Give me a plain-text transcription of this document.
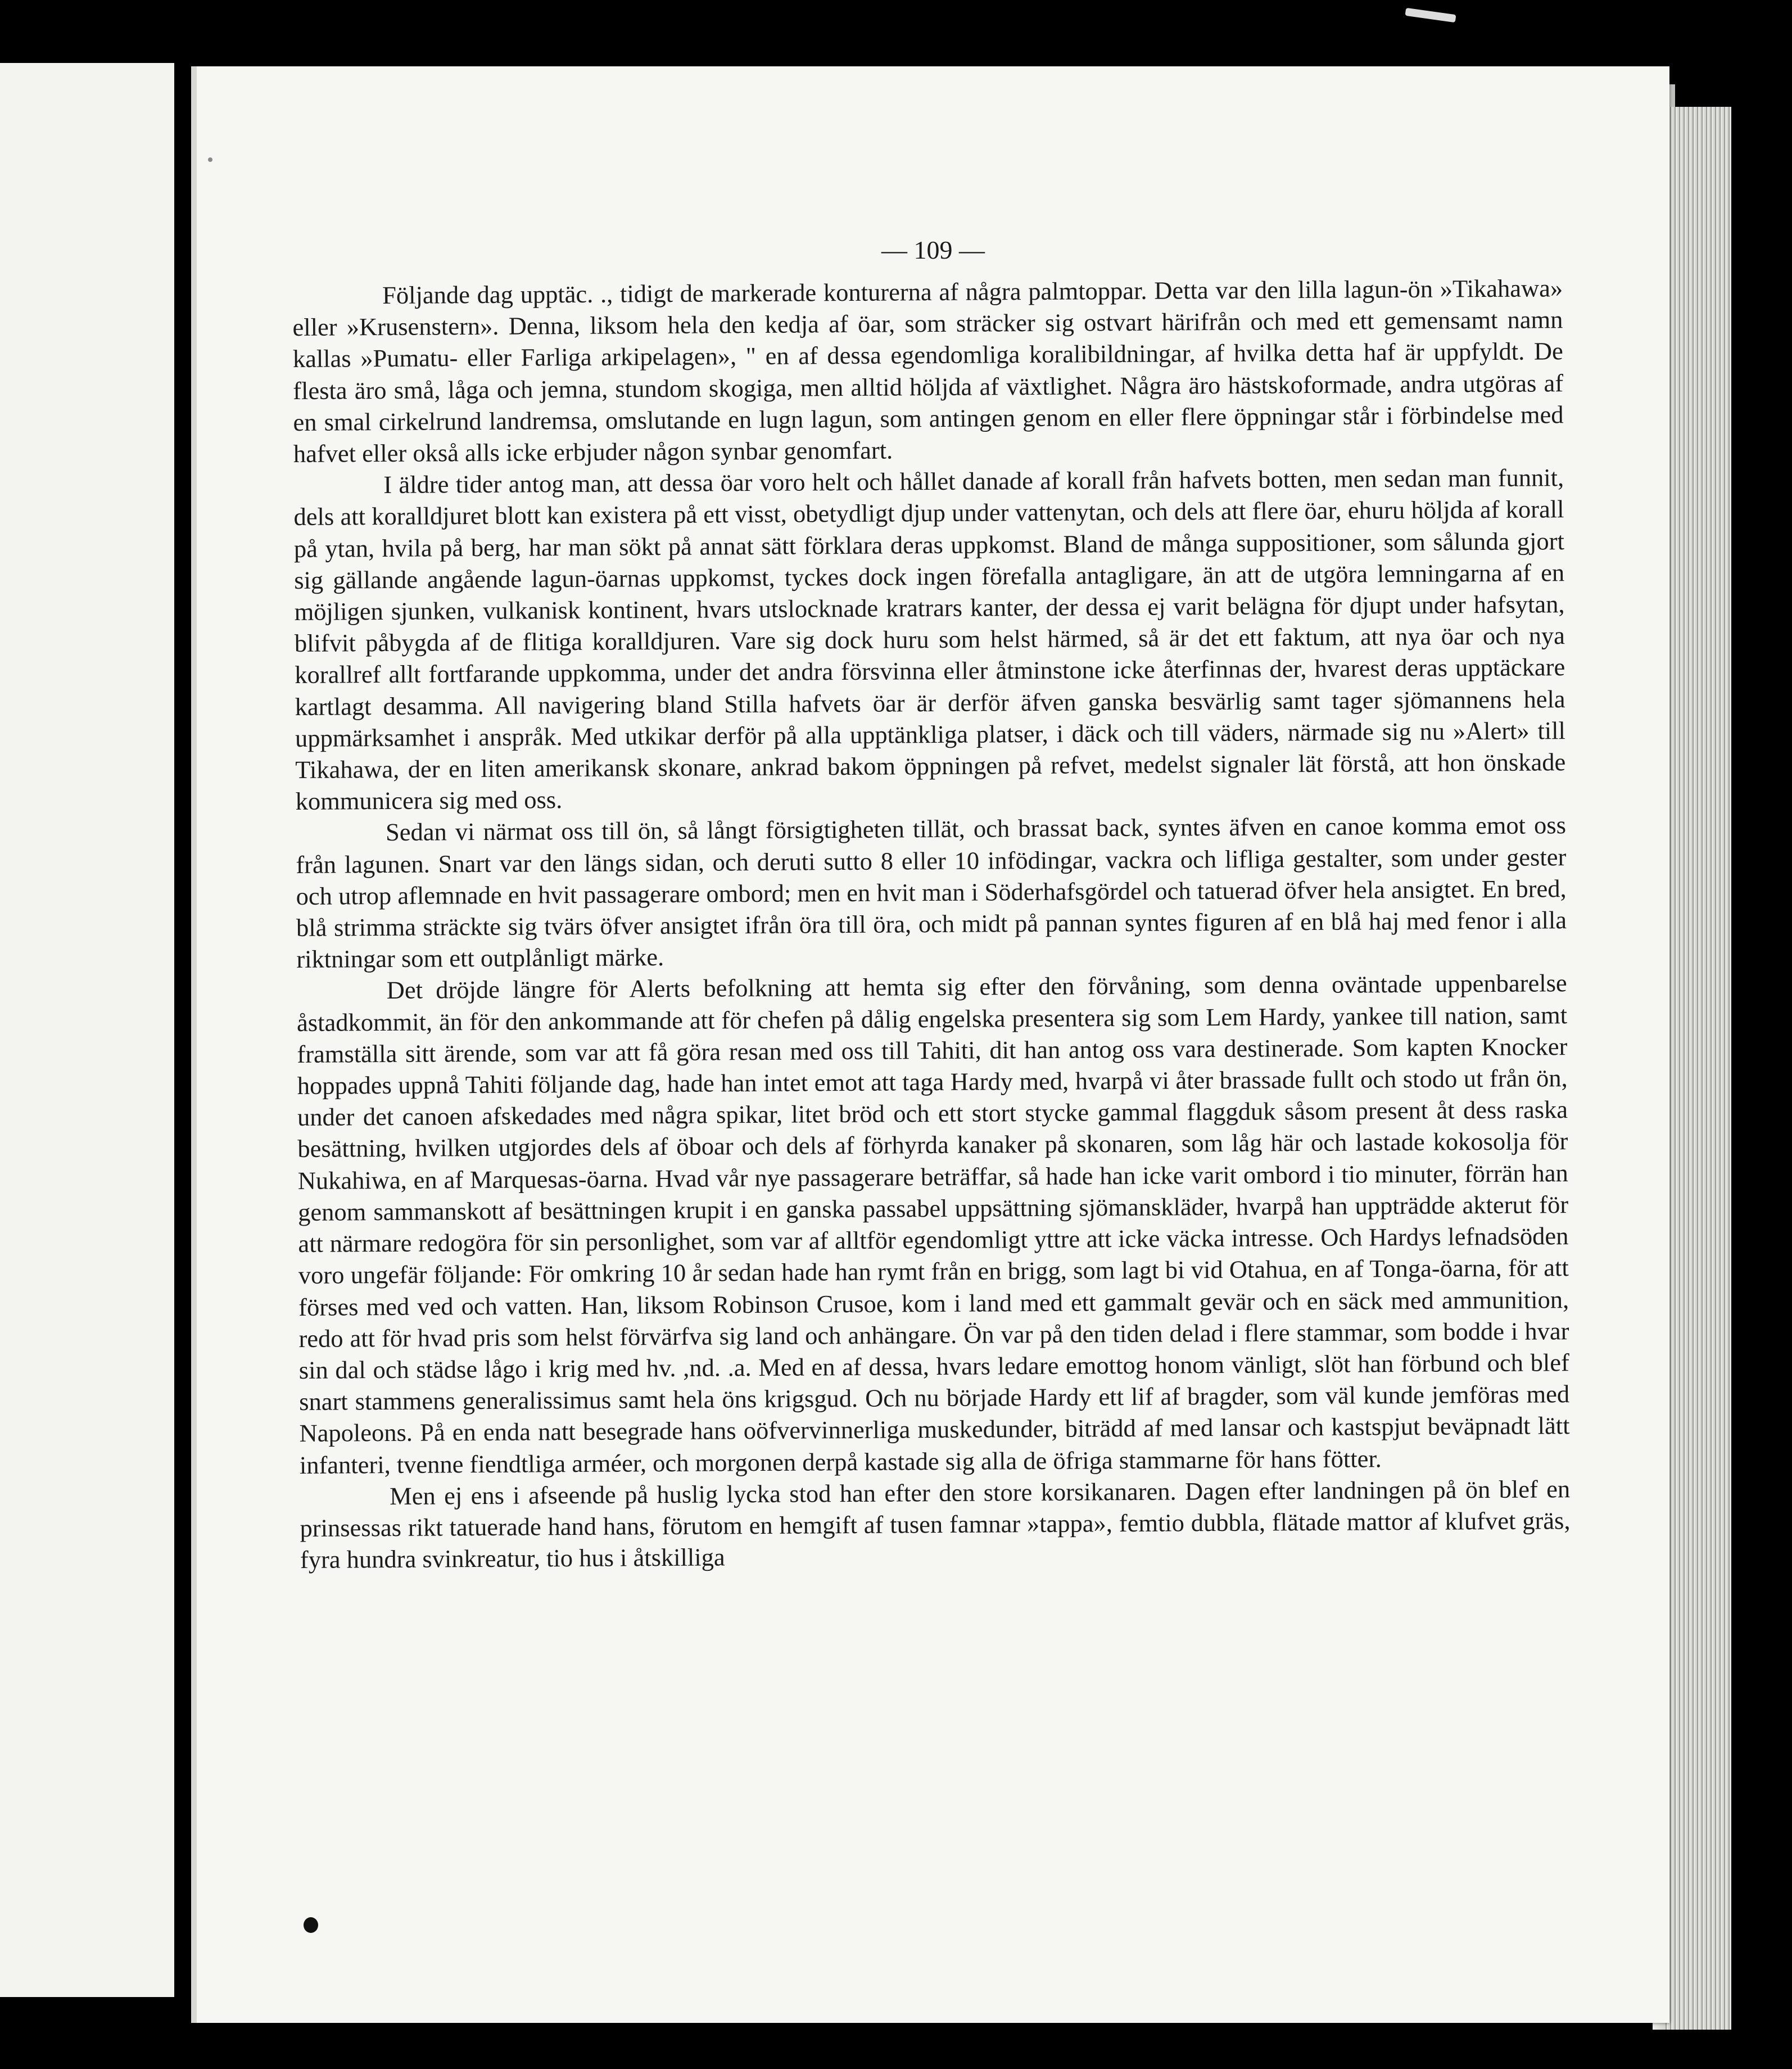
— 109 —

Följande dag upptäc. ., tidigt de markerade konturerna af några palmtoppar. Detta var den lilla lagun-ön »Tikahawa» eller »Krusenstern». Denna, liksom hela den kedja af öar, som sträcker sig ostvart härifrån och med ett gemensamt namn kallas »Pumatu- eller Farliga arkipelagen», " en af dessa egendomliga koralibildningar, af hvilka detta haf är uppfyldt. De flesta äro små, låga och jemna, stundom skogiga, men alltid höljda af växtlighet. Några äro hästskoformade, andra utgöras af en smal cirkelrund landremsa, omslutande en lugn lagun, som antingen genom en eller flere öppningar står i förbindelse med hafvet eller okså alls icke erbjuder någon synbar genomfart.

I äldre tider antog man, att dessa öar voro helt och hållet danade af korall från hafvets botten, men sedan man funnit, dels att koralldjuret blott kan existera på ett visst, obetydligt djup under vattenytan, och dels att flere öar, ehuru höljda af korall på ytan, hvila på berg, har man sökt på annat sätt förklara deras uppkomst. Bland de många suppositioner, som sålunda gjort sig gällande angående lagun-öarnas uppkomst, tyckes dock ingen förefalla antagligare, än att de utgöra lemningarna af en möjligen sjunken, vulkanisk kontinent, hvars utslocknade kratrars kanter, der dessa ej varit belägna för djupt under hafsytan, blifvit påbygda af de flitiga koralldjuren. Vare sig dock huru som helst härmed, så är det ett faktum, att nya öar och nya korallref allt fortfarande uppkomma, under det andra försvinna eller åtminstone icke återfinnas der, hvarest deras upptäckare kartlagt desamma. All navigering bland Stilla hafvets öar är derför äfven ganska besvärlig samt tager sjömannens hela uppmärksamhet i anspråk. Med utkikar derför på alla upptänkliga platser, i däck och till väders, närmade sig nu »Alert» till Tikahawa, der en liten amerikansk skonare, ankrad bakom öppningen på refvet, medelst signaler lät förstå, att hon önskade kommunicera sig med oss.

Sedan vi närmat oss till ön, så långt försigtigheten tillät, och brassat back, syntes äfven en canoe komma emot oss från lagunen. Snart var den längs sidan, och deruti sutto 8 eller 10 infödingar, vackra och lifliga gestalter, som under gester och utrop aflemnade en hvit passagerare ombord; men en hvit man i Söderhafsgördel och tatuerad öfver hela ansigtet. En bred, blå strimma sträckte sig tvärs öfver ansigtet ifrån öra till öra, och midt på pannan syntes figuren af en blå haj med fenor i alla riktningar som ett outplånligt märke.

Det dröjde längre för Alerts befolkning att hemta sig efter den förvåning, som denna oväntade uppenbarelse åstadkommit, än för den ankommande att för chefen på dålig engelska presentera sig som Lem Hardy, yankee till nation, samt framställa sitt ärende, som var att få göra resan med oss till Tahiti, dit han antog oss vara destinerade. Som kapten Knocker hoppades uppnå Tahiti följande dag, hade han intet emot att taga Hardy med, hvarpå vi åter brassade fullt och stodo ut från ön, under det canoen afskedades med några spikar, litet bröd och ett stort stycke gammal flaggduk såsom present åt dess raska besättning, hvilken utgjordes dels af öboar och dels af förhyrda kanaker på skonaren, som låg här och lastade kokosolja för Nukahiwa, en af Marquesas-öarna. Hvad vår nye passagerare beträffar, så hade han icke varit ombord i tio minuter, förrän han genom sammanskott af besättningen krupit i en ganska passabel uppsättning sjömanskläder, hvarpå han uppträdde akterut för att närmare redogöra för sin personlighet, som var af alltför egendomligt yttre att icke väcka intresse. Och Hardys lefnadsöden voro ungefär följande: För omkring 10 år sedan hade han rymt från en brigg, som lagt bi vid Otahua, en af Tonga-öarna, för att förses med ved och vatten. Han, liksom Robinson Crusoe, kom i land med ett gammalt gevär och en säck med ammunition, redo att för hvad pris som helst förvärfva sig land och anhängare. Ön var på den tiden delad i flere stammar, som bodde i hvar sin dal och städse lågo i krig med hv. ,nd. .a. Med en af dessa, hvars ledare emottog honom vänligt, slöt han förbund och blef snart stammens generalissimus samt hela öns krigsgud. Och nu började Hardy ett lif af bragder, som väl kunde jemföras med Napoleons. På en enda natt besegrade hans oöfvervinnerliga muskedunder, biträdd af med lansar och kastspjut beväpnadt lätt infanteri, tvenne fiendtliga arméer, och morgonen derpå kastade sig alla de öfriga stammarne för hans fötter.

Men ej ens i afseende på huslig lycka stod han efter den store korsikanaren. Dagen efter landningen på ön blef en prinsessas rikt tatuerade hand hans, förutom en hemgift af tusen famnar »tappa», femtio dubbla, flätade mattor af klufvet gräs, fyra hundra svinkreatur, tio hus i åtskilliga
